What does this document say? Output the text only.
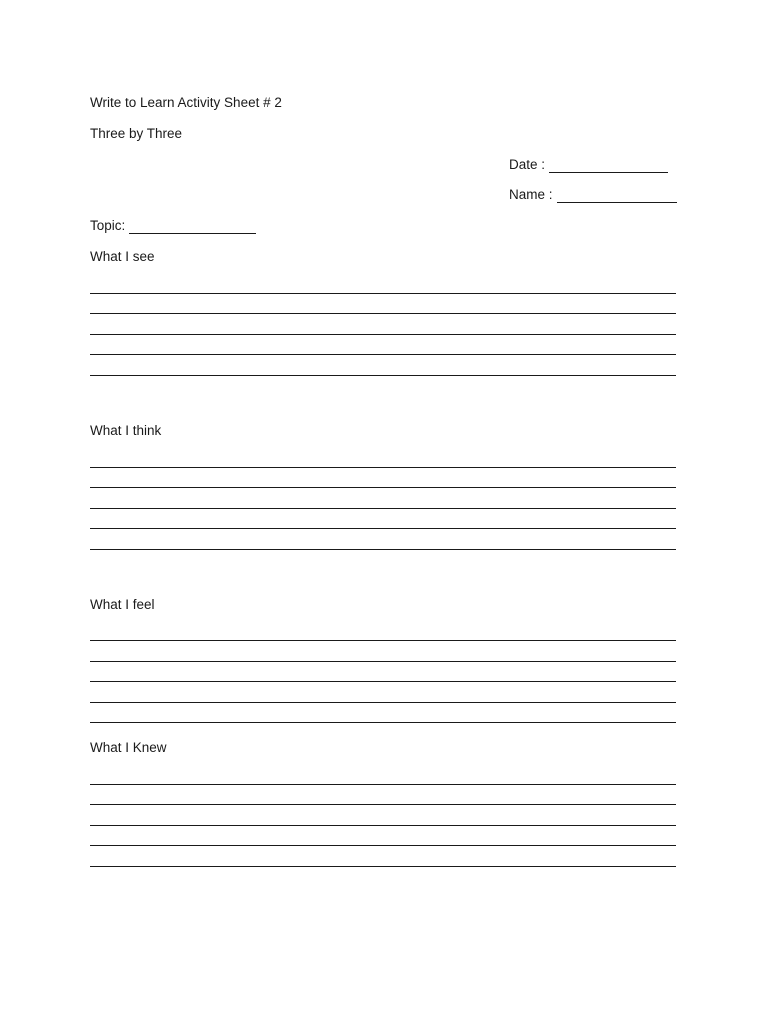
Write to Learn Activity Sheet # 2
Three by Three
Date :
Name :
Topic:
What I see
What I think
What I feel
What I Knew
